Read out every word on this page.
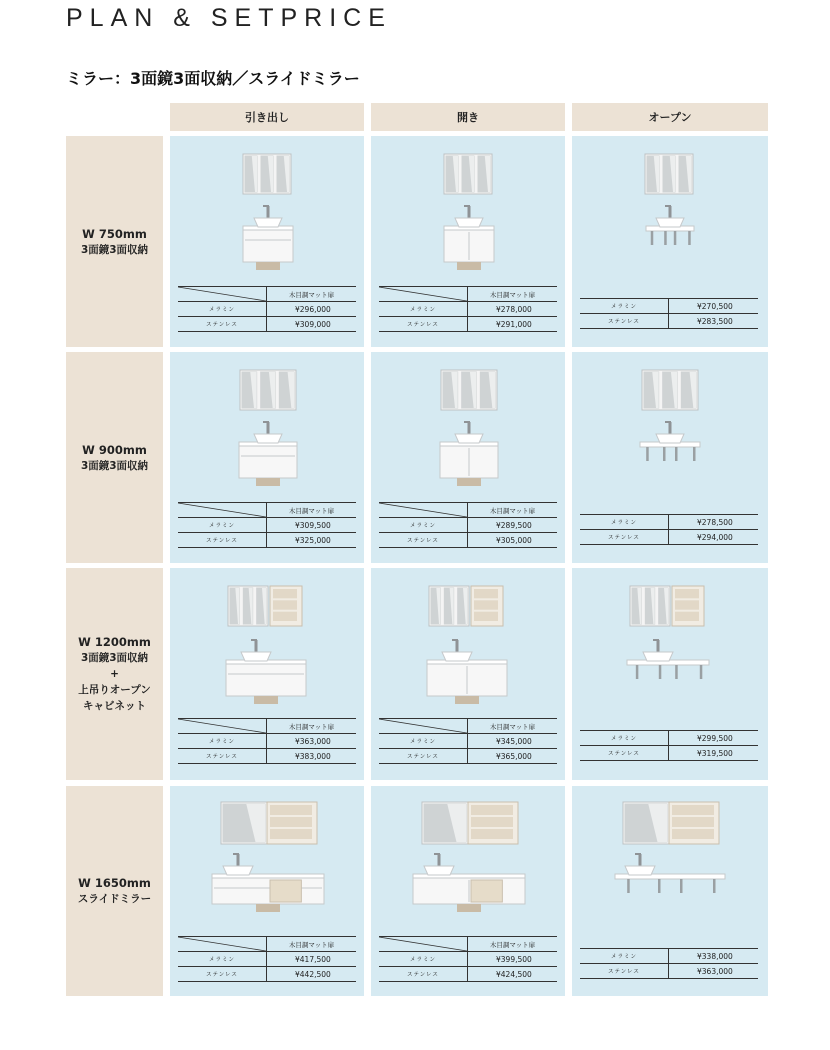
PLAN & SETPRICE
ミラー：3面鏡3面収納／スライドミラー
引き出し	開き	オープン
W 750mm
3面鏡3面収納
	木目調マット扉
メラミン	¥296,000
ステンレス	¥309,000
	木目調マット扉
メラミン	¥278,000
ステンレス	¥291,000
メラミン	¥270,500
ステンレス	¥283,500
W 900mm
3面鏡3面収納
	木目調マット扉
メラミン	¥309,500
ステンレス	¥325,000
	木目調マット扉
メラミン	¥289,500
ステンレス	¥305,000
メラミン	¥278,500
ステンレス	¥294,000
W 1200mm
3面鏡3面収納
+
上吊りオープン
キャビネット
	木目調マット扉
メラミン	¥363,000
ステンレス	¥383,000
	木目調マット扉
メラミン	¥345,000
ステンレス	¥365,000
メラミン	¥299,500
ステンレス	¥319,500
W 1650mm
スライドミラー
	木目調マット扉
メラミン	¥417,500
ステンレス	¥442,500
	木目調マット扉
メラミン	¥399,500
ステンレス	¥424,500
メラミン	¥338,000
ステンレス	¥363,000
